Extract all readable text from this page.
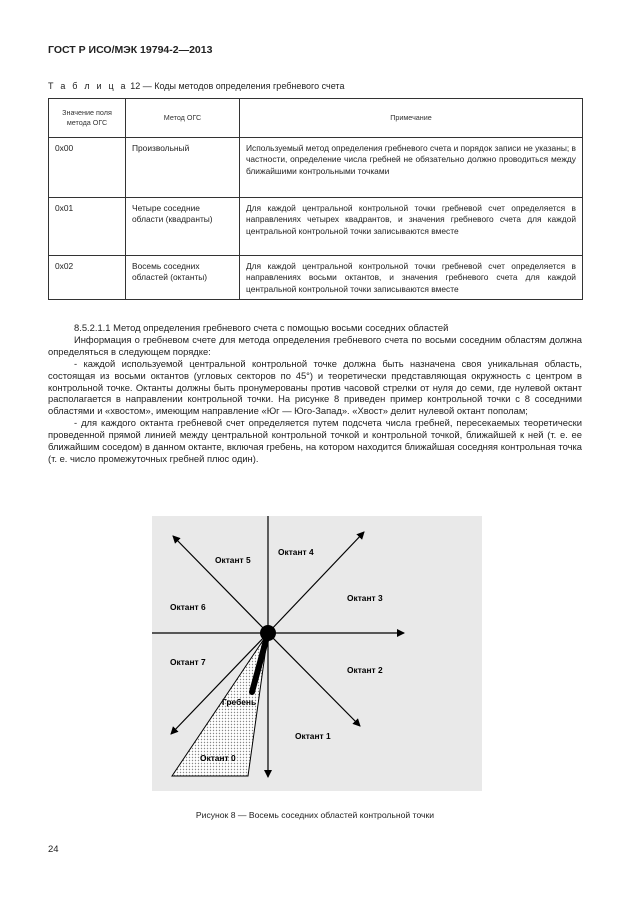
ГОСТ Р ИСО/МЭК 19794-2—2013
Т а б л и ц а 12 — Коды методов определения гребневого счета
Значение поля метода ОГС	Метод ОГС	Примечание
0x00	Произвольный	Используемый метод определения гребневого счета и порядок записи не указаны; в частности, определение числа гребней не обязательно должно проводиться между ближайшими контрольными точками
0x01	Четыре соседние области (квадранты)	Для каждой центральной контрольной точки гребневой счет определяется в направлениях четырех квадрантов, и значения гребневого счета для каждой центральной контрольной точки записываются вместе
0x02	Восемь соседних областей (октанты)	Для каждой центральной контрольной точки гребневой счет определяется в направлениях восьми октантов, и значения гребневого счета для каждой центральной контрольной точки записываются вместе

8.5.2.1.1 Метод определения гребневого счета с помощью восьми соседних областей

Информация о гребневом счете для метода определения гребневого счета по восьми соседним областям должна определяться в следующем порядке:

- каждой используемой центральной контрольной точке должна быть назначена своя уникальная область, состоящая из восьми октантов (угловых секторов по 45°) и теоретически представляющая окружность с центром в контрольной точке. Октанты должны быть пронумерованы против часовой стрелки от нуля до семи, где нулевой октант располагается в направлении контрольной точки. На рисунке 8 приведен пример контрольной точки с 8 соседними областями и «хвостом», имеющим направление «Юг — Юго-Запад». «Хвост» делит нулевой октант пополам;

- для каждого октанта гребневой счет определяется путем подсчета числа гребней, пересекаемых теоретически проведенной прямой линией между центральной контрольной точкой и контрольной точкой, ближайшей к ней (т. е. ее ближайшим соседом) в данном октанте, включая гребень, на котором находится ближайшая соседняя контрольная точка (т. е. число промежуточных гребней плюс один).

Октант 4
Октант 5
Октант 3
Октант 6
Октант 7
Октант 2
Гребень
Октант 1
Октант 0
Рисунок 8 — Восемь соседних областей контрольной точки
24
